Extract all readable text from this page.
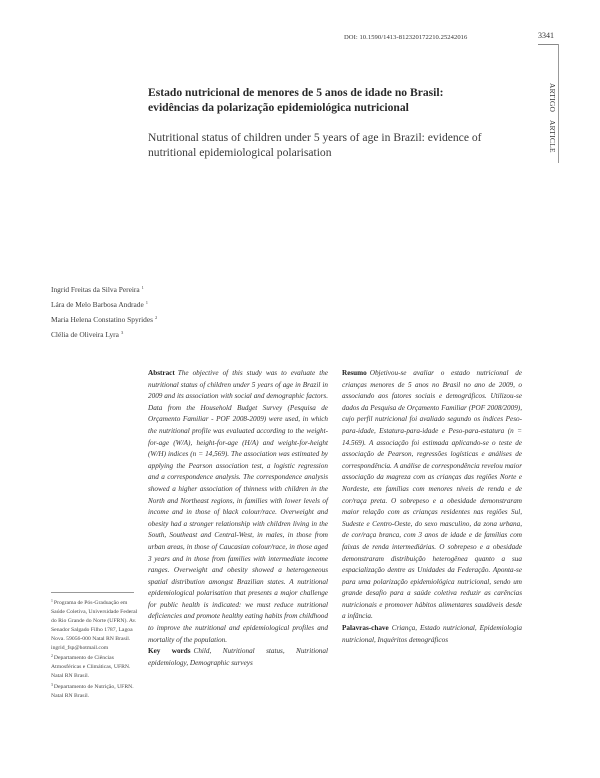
DOI: 10.1590/1413-812320172210.25242016	3341
ARTIGO ARTICLE
Estado nutricional de menores de 5 anos de idade no Brasil: evidências da polarização epidemiológica nutricional
Nutritional status of children under 5 years of age in Brazil: evidence of nutritional epidemiological polarisation
Ingrid Freitas da Silva Pereira $^1$
Lára de Melo Barbosa Andrade $^1$
Maria Helena Constatino Spyrides $^2$
Clélia de Oliveira Lyra $^3$
Abstract The objective of this study was to evaluate the nutritional status of children under 5 years of age in Brazil in 2009 and its association with social and demographic factors. Data from the Household Budget Survey (Pesquisa de Orçamento Familiar - POF 2008-2009) were used, in which the nutritional profile was evaluated according to the weight-for-age (W/A), height-for-age (H/A) and weight-for-height (W/H) indices (n = 14,569). The association was estimated by applying the Pearson association test, a logistic regression and a correspondence analysis. The correspondence analysis showed a higher association of thinness with children in the North and Northeast regions, in families with lower levels of income and in those of black colour/race. Overweight and obesity had a stronger relationship with children living in the South, Southeast and Central-West, in males, in those from urban areas, in those of Caucasian colour/race, in those aged 3 years and in those from families with intermediate income ranges. Overweight and obesity showed a heterogeneous spatial distribution amongst Brazilian states. A nutritional epidemiological polarisation that presents a major challenge for public health is indicated: we must reduce nutritional deficiencies and promote healthy eating habits from childhood to improve the nutritional and epidemiological profiles and mortality of the population.
Key words Child, Nutritional status, Nutritional epidemiology, Demographic surveys
Resumo Objetivou-se avaliar o estado nutricional de crianças menores de 5 anos no Brasil no ano de 2009, o associando aos fatores sociais e demográficos. Utilizou-se dados da Pesquisa de Orçamento Familiar (POF 2008/2009), cujo perfil nutricional foi avaliado segundo os índices Peso-para-idade, Estatura-para-idade e Peso-para-estatura (n = 14.569). A associação foi estimada aplicando-se o teste de associação de Pearson, regressões logísticas e análises de correspondência. A análise de correspondência revelou maior associação da magreza com as crianças das regiões Norte e Nordeste, em famílias com menores níveis de renda e de cor/raça preta. O sobrepeso e a obesidade demonstraram maior relação com as crianças residentes nas regiões Sul, Sudeste e Centro-Oeste, do sexo masculino, da zona urbana, de cor/raça branca, com 3 anos de idade e de famílias com faixas de renda intermediárias. O sobrepeso e a obesidade demonstraram distribuição heterogênea quanto a sua espacialização dentre as Unidades da Federação. Aponta-se para uma polarização epidemiológica nutricional, sendo um grande desafio para a saúde coletiva reduzir as carências nutricionais e promover hábitos alimentares saudáveis desde a infância.
Palavras-chave Criança, Estado nutricional, Epidemiologia nutricional, Inquéritos demográficos
$^1$Programa de Pós-Graduação em Saúde Coletiva, Universidade Federal do Rio Grande do Norte (UFRN). Av. Senador Salgado Filho 1787, Lagoa Nova. 59056-000 Natal RN Brasil. ingrid_fsp@hotmail.com
$^2$Departamento de Ciências Atmosféricas e Climáticas, UFRN. Natal RN Brasil.
$^3$Departamento de Nutrição, UFRN. Natal RN Brasil.
